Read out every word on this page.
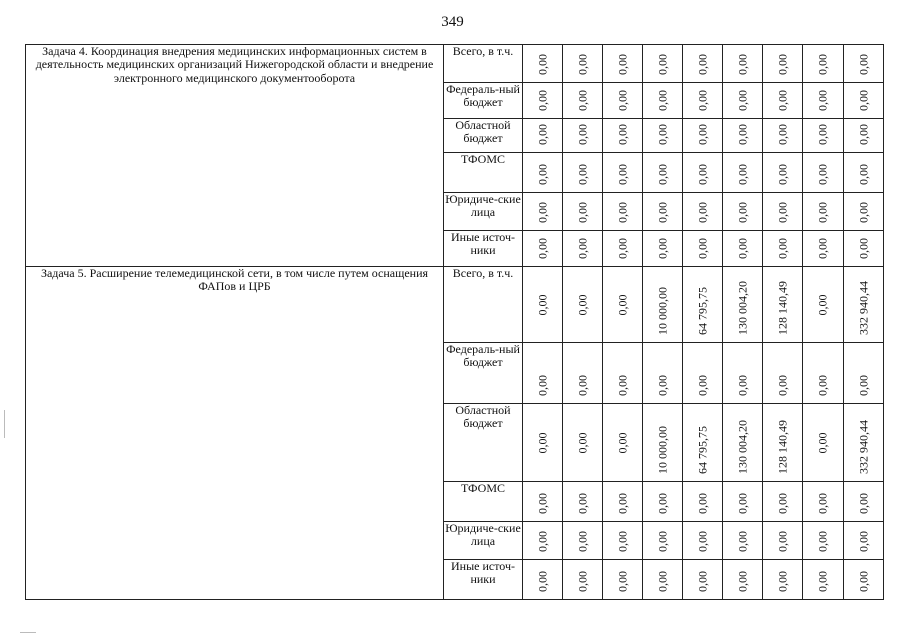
349
Задача 4. Координация внедрения медицинских информационных систем в деятельность медицинских организаций Нижегородской области и внедрение электронного медицинского документооборота	Всего, в т.ч.	0,00	0,00	0,00	0,00	0,00	0,00	0,00	0,00	0,00

	Федераль-ный бюджет	0,00	0,00	0,00	0,00	0,00	0,00	0,00	0,00	0,00

	Областной бюджет	0,00	0,00	0,00	0,00	0,00	0,00	0,00	0,00	0,00

	ТФОМС	0,00	0,00	0,00	0,00	0,00	0,00	0,00	0,00	0,00

	Юридиче-ские лица	0,00	0,00	0,00	0,00	0,00	0,00	0,00	0,00	0,00

	Иные источ-ники	0,00	0,00	0,00	0,00	0,00	0,00	0,00	0,00	0,00

Задача 5. Расширение телемедицинской сети, в том числе путем оснащения ФАПов и ЦРБ	Всего, в т.ч.	0,00	0,00	0,00	10 000,00	64 795,75	130 004,20	128 140,49	0,00	332 940,44

	Федераль-ный бюджет	0,00	0,00	0,00	0,00	0,00	0,00	0,00	0,00	0,00

	Областной бюджет	0,00	0,00	0,00	10 000,00	64 795,75	130 004,20	128 140,49	0,00	332 940,44

	ТФОМС	0,00	0,00	0,00	0,00	0,00	0,00	0,00	0,00	0,00

	Юридиче-ские лица	0,00	0,00	0,00	0,00	0,00	0,00	0,00	0,00	0,00

	Иные источ-ники	0,00	0,00	0,00	0,00	0,00	0,00	0,00	0,00	0,00
